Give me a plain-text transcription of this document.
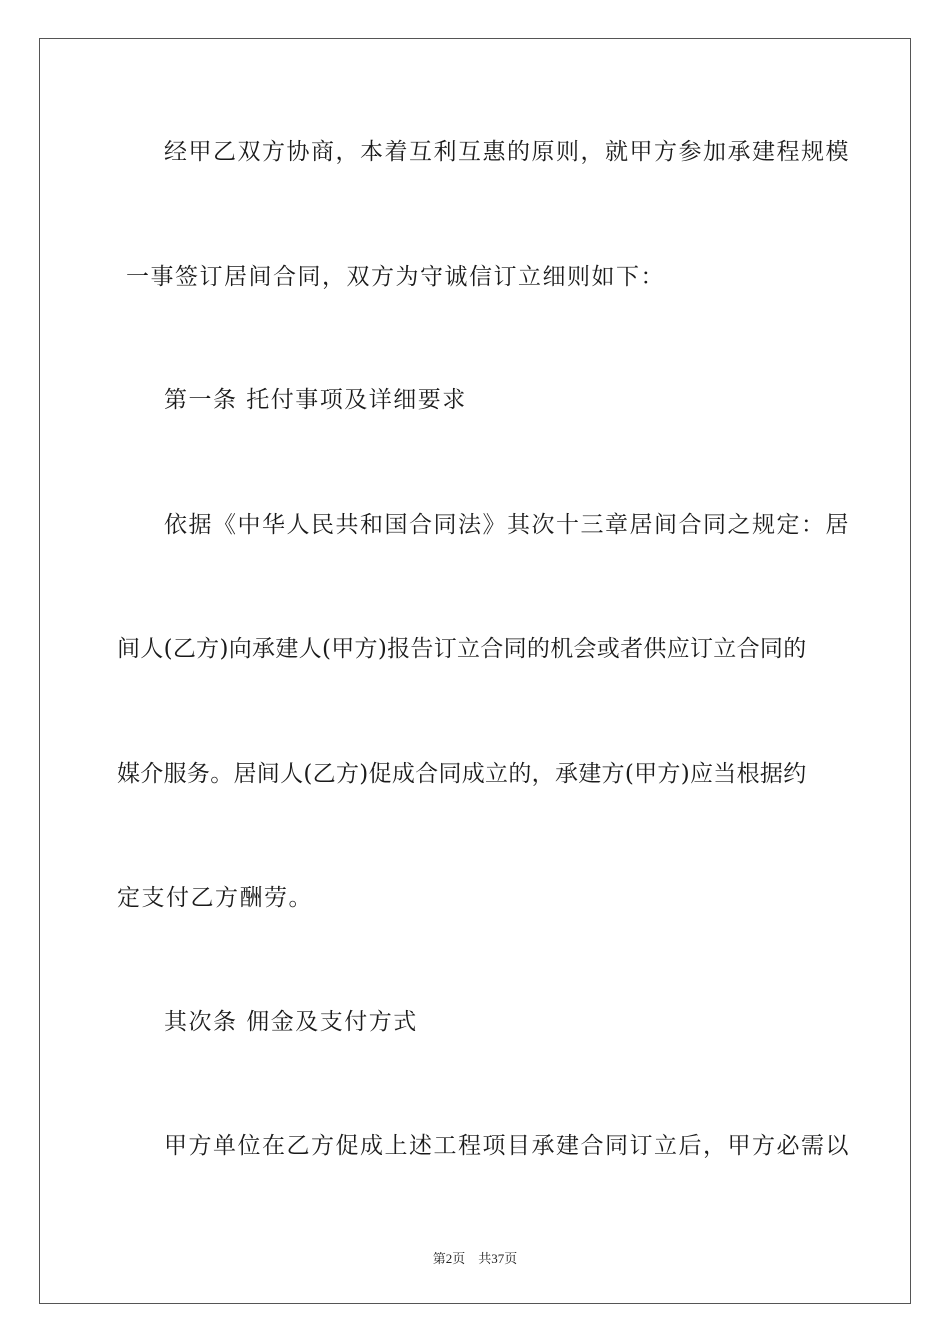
经甲乙双方协商，本着互利互惠的原则，就甲方参加承建程规模
一事签订居间合同，双方为守诚信订立细则如下：
第一条 托付事项及详细要求
依据《中华人民共和国合同法》其次十三章居间合同之规定：居
间人(乙方)向承建人(甲方)报告订立合同的机会或者供应订立合同的
媒介服务。居间人(乙方)促成合同成立的，承建方(甲方)应当根据约
定支付乙方酬劳。
其次条 佣金及支付方式
甲方单位在乙方促成上述工程项目承建合同订立后，甲方必需以
第2页 共37页
